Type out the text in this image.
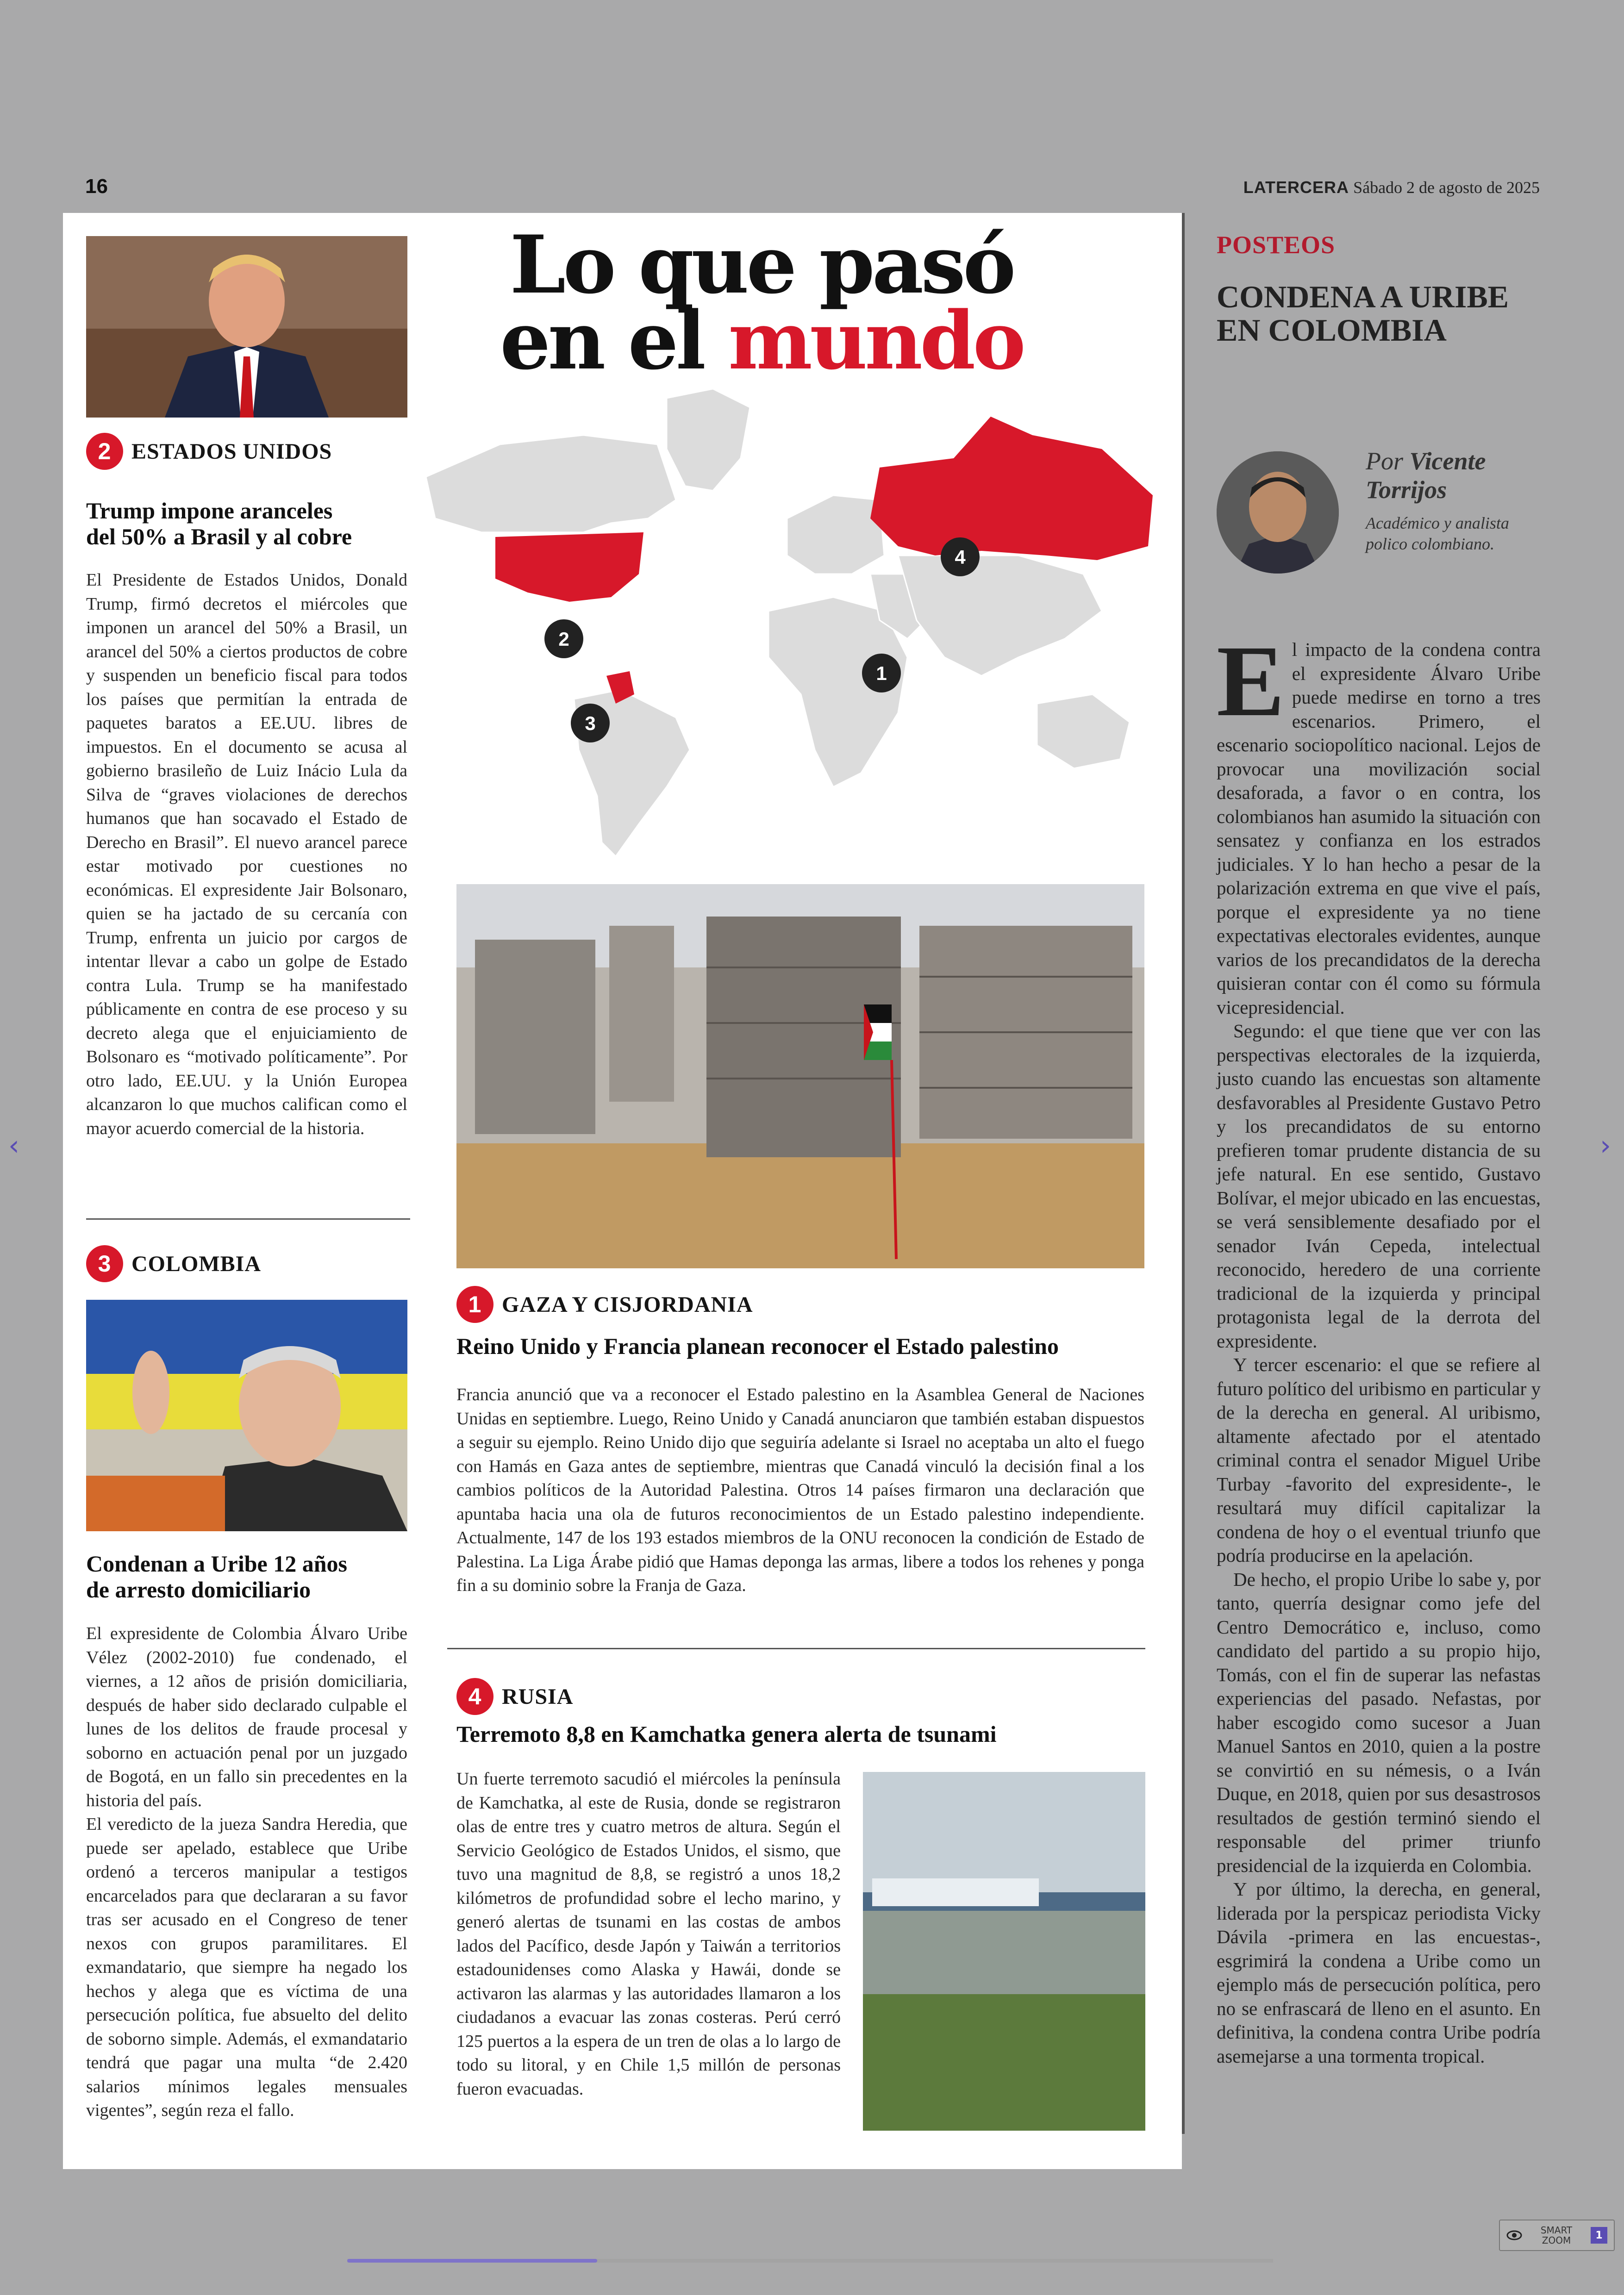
16	LATERCERA Sábado 2 de agosto de 2025
Lo que pasó
en el mundo
4
2
1
3
2 ESTADOS UNIDOS
Trump impone aranceles
del 50% a Brasil y al cobre
El Presidente de Estados Unidos, Donald Trump, firmó decretos el miércoles que imponen un arancel del 50% a Brasil, un arancel del 50% a ciertos productos de cobre y suspenden un beneficio fiscal para todos los países que permitían la entrada de paquetes baratos a EE.UU. libres de impuestos. En el documento se acusa al gobierno brasileño de Luiz Inácio Lula da Silva de “graves violaciones de derechos humanos que han socavado el Estado de Derecho en Brasil”. El nuevo arancel parece estar motivado por cuestiones no económicas. El expresidente Jair Bolsonaro, quien se ha jactado de su cercanía con Trump, enfrenta un juicio por cargos de intentar llevar a cabo un golpe de Estado contra Lula. Trump se ha manifestado públicamente en contra de ese proceso y su decreto alega que el enjuiciamiento de Bolsonaro es “motivado políticamente”. Por otro lado, EE.UU. y la Unión Europea alcanzaron lo que muchos califican como el mayor acuerdo comercial de la historia.
3 COLOMBIA
Condenan a Uribe 12 años
de arresto domiciliario
El expresidente de Colombia Álvaro Uribe Vélez (2002-2010) fue condenado, el viernes, a 12 años de prisión domiciliaria, después de haber sido declarado culpable el lunes de los delitos de fraude procesal y soborno en actuación penal por un juzgado de Bogotá, en un fallo sin precedentes en la historia del país.
El veredicto de la jueza Sandra Heredia, que puede ser apelado, establece que Uribe ordenó a terceros manipular a testigos encarcelados para que declararan a su favor tras ser acusado en el Congreso de tener nexos con grupos paramilitares. El exmandatario, que siempre ha negado los hechos y alega que es víctima de una persecución política, fue absuelto del delito de soborno simple. Además, el exmandatario tendrá que pagar una multa “de 2.420 salarios mínimos legales mensuales vigentes”, según reza el fallo.
1 GAZA Y CISJORDANIA
Reino Unido y Francia planean reconocer el Estado palestino
Francia anunció que va a reconocer el Estado palestino en la Asamblea General de Naciones Unidas en septiembre. Luego, Reino Unido y Canadá anunciaron que también estaban dispuestos a seguir su ejemplo. Reino Unido dijo que seguiría adelante si Israel no aceptaba un alto el fuego con Hamás en Gaza antes de septiembre, mientras que Canadá vinculó la decisión final a los cambios políticos de la Autoridad Palestina. Otros 14 países firmaron una declaración que apuntaba hacia una ola de futuros reconocimientos de un Estado palestino independiente. Actualmente, 147 de los 193 estados miembros de la ONU reconocen la condición de Estado de Palestina. La Liga Árabe pidió que Hamas deponga las armas, libere a todos los rehenes y ponga fin a su dominio sobre la Franja de Gaza.
4 RUSIA
Terremoto 8,8 en Kamchatka genera alerta de tsunami
Un fuerte terremoto sacudió el miércoles la península de Kamchatka, al este de Rusia, donde se registraron olas de entre tres y cuatro metros de altura. Según el Servicio Geológico de Estados Unidos, el sismo, que tuvo una magnitud de 8,8, se registró a unos 18,2 kilómetros de profundidad sobre el lecho marino, y generó alertas de tsunami en las costas de ambos lados del Pacífico, desde Japón y Taiwán a territorios estadounidenses como Alaska y Hawái, donde se activaron las alarmas y las autoridades llamaron a los ciudadanos a evacuar las zonas costeras. Perú cerró 125 puertos a la espera de un tren de olas a lo largo de todo su litoral, y en Chile 1,5 millón de personas fueron evacuadas.
POSTEOS
CONDENA A URIBE
EN COLOMBIA
Por Vicente
Torrijos
Académico y analista
polico colombiano.

El impacto de la condena contra el expresidente Álvaro Uribe puede medirse en torno a tres escenarios. Primero, el escenario sociopolítico nacional. Lejos de provocar una movilización social desaforada, a favor o en contra, los colombianos han asumido la situación con sensatez y confianza en los estrados judiciales. Y lo han hecho a pesar de la polarización extrema en que vive el país, porque el expresidente ya no tiene expectativas electorales evidentes, aunque varios de los precandidatos de la derecha quisieran contar con él como su fórmula vicepresidencial.

Segundo: el que tiene que ver con las perspectivas electorales de la izquierda, justo cuando las encuestas son altamente desfavorables al Presidente Gustavo Petro y los precandidatos de su entorno prefieren tomar prudente distancia de su jefe natural. En ese sentido, Gustavo Bolívar, el mejor ubicado en las encuestas, se verá sensiblemente desafiado por el senador Iván Cepeda, intelectual reconocido, heredero de una corriente tradicional de la izquierda y principal protagonista legal de la derrota del expresidente.

Y tercer escenario: el que se refiere al futuro político del uribismo en particular y de la derecha en general. Al uribismo, altamente afectado por el atentado criminal contra el senador Miguel Uribe Turbay -favorito del expresidente-, le resultará muy difícil capitalizar la condena de hoy o el eventual triunfo que podría producirse en la apelación.

De hecho, el propio Uribe lo sabe y, por tanto, querría designar como jefe del Centro Democrático e, incluso, como candidato del partido a su propio hijo, Tomás, con el fin de superar las nefastas experiencias del pasado. Nefastas, por haber escogido como sucesor a Juan Manuel Santos en 2010, quien a la postre se convirtió en su némesis, o a Iván Duque, en 2018, quien por sus desastrosos resultados de gestión terminó siendo el responsable del primer triunfo presidencial de la izquierda en Colombia.

Y por último, la derecha, en general, liderada por la perspicaz periodista Vicky Dávila -primera en las encuestas-, esgrimirá la condena a Uribe como un ejemplo más de persecución política, pero no se enfrascará de lleno en el asunto. En definitiva, la condena contra Uribe podría asemejarse a una tormenta tropical.

‹	›
SMART
ZOOM	1
